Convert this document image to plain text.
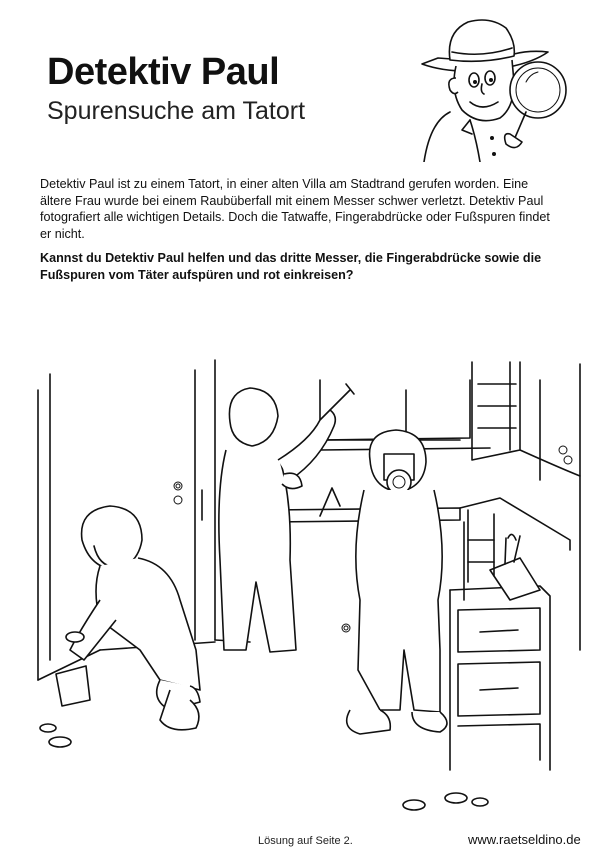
Detektiv Paul
Spurensuche am Tatort

Detektiv Paul ist zu einem Tatort, in einer alten Villa am Stadtrand gerufen worden. Eine ältere Frau wurde bei einem Raubüberfall mit einem Messer schwer verletzt. Detektiv Paul fotografiert alle wichtigen Details. Doch die Tatwaffe, Fingerabdrücke oder Fußspuren findet er nicht.

Kannst du Detektiv Paul helfen und das dritte Messer, die Fingerabdrücke sowie die Fußspuren vom Täter aufspüren und rot einkreisen?

Lösung auf Seite 2.	www.raetseldino.de
